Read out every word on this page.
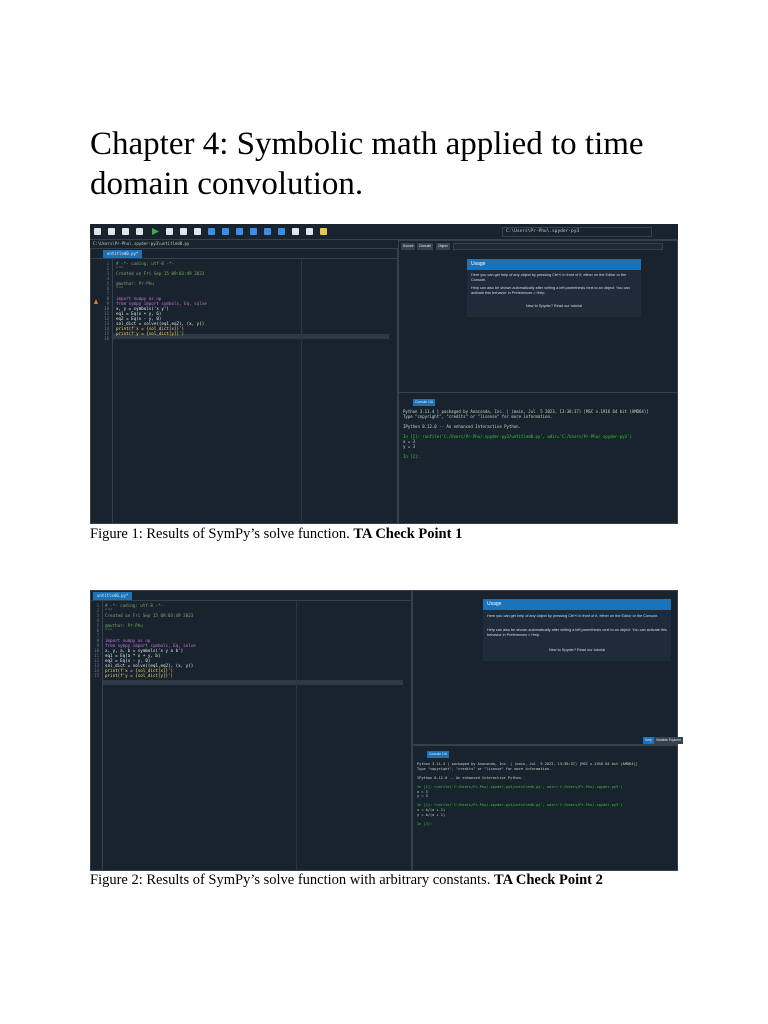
Chapter 4: Symbolic math applied to time domain convolution.
C:\Users\Pr-Phu\.spyder-py3
C:\Users\Pr-Phu\.spyder-py3\untitled0.py
untitled0.py*
1
2
3
4
5
6
7
8
9
10
11
12
13
14
15
16
# -*- coding: utf-8 -*-
"""
Created on Fri Sep 15 09:03:49 2023

@author: Pr-Phu
"""

import numpy as np
from sympy import symbols, Eq, solve
x, y = symbols('x y')
eq1 = Eq(x + y, 6)
eq2 = Eq(x - y, 0)
sol_dict = solve((eq1,eq2), (x, y))
print(f'x = {sol_dict[x]}')
print(f'y = {sol_dict[y]}')

Source	Console	Object
Usage
Here you can get help of any object by pressing Ctrl+I in front of it, either on the Editor or the Console.
Help can also be shown automatically after writing a left parenthesis next to an object. You can activate this behavior in Preferences > Help.
New to Spyder? Read our tutorial
Console 1/A
Python 3.11.4 | packaged by Anaconda, Inc. | (main, Jul  5 2023, 13:38:37) [MSC v.1916 64 bit (AMD64)]
Type "copyright", "credits" or "license" for more information.

IPython 8.12.0 -- An enhanced Interactive Python.

In [1]: runfile('C:/Users/Pr-Phu/.spyder-py3/untitled0.py', wdir='C:/Users/Pr-Phu/.spyder-py3')
x = 3
y = 3

In [2]:
Figure 1: Results of SymPy’s solve function. TA Check Point 1
untitled0.py*
1
2
3
4
5
6
7
8
9
10
11
12
13
14
15
# -*- coding: utf-8 -*-
"""
Created on Fri Sep 15 09:03:49 2023

@author: Pr-Phu
"""

import numpy as np
from sympy import symbols, Eq, solve
x, y, a, b = symbols('x y a b')
eq1 = Eq(a * x + y, b)
eq2 = Eq(x - y, 0)
sol_dict = solve((eq1,eq2), (x, y))
print(f'x = {sol_dict[x]}')
print(f'y = {sol_dict[y]}')
Usage
Here you can get help of any object by pressing Ctrl+I in front of it, either on the Editor or the Console.
Help can also be shown automatically after writing a left parenthesis next to an object. You can activate this behavior in Preferences > Help.
New to Spyder? Read our tutorial
Help	Variable Explorer
Console 1/A
Python 3.11.4 | packaged by Anaconda, Inc. | (main, Jul  5 2023, 13:38:37) [MSC v.1916 64 bit (AMD64)]
Type "copyright", "credits" or "license" for more information.

IPython 8.12.0 -- An enhanced Interactive Python.

In [1]: runfile('C:/Users/Pr-Phu/.spyder-py3/untitled0.py', wdir='C:/Users/Pr-Phu/.spyder-py3')
x = 3
y = 3

In [2]: runfile('C:/Users/Pr-Phu/.spyder-py3/untitled0.py', wdir='C:/Users/Pr-Phu/.spyder-py3')
x = b/(a + 1)
y = b/(a + 1)

In [3]:
Figure 2: Results of SymPy’s solve function with arbitrary constants. TA Check Point 2
